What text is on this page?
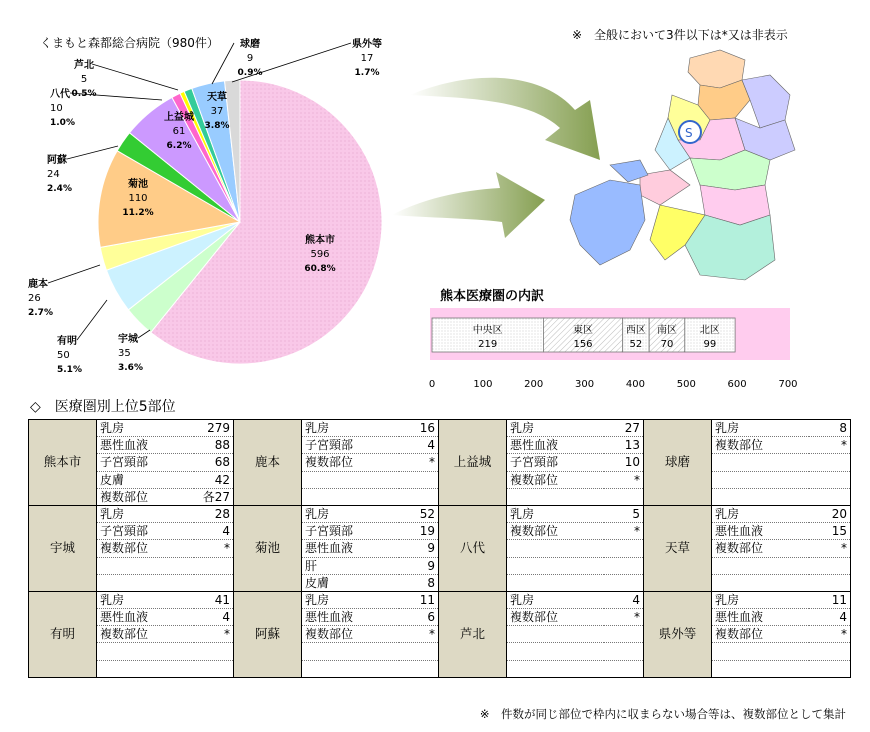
くまもと森都総合病院（980件）
熊本市
596
60.8%
宇城
35
3.6%
有明
50
5.1%
鹿本
26
2.7%
菊池
110
11.2%
阿蘇
24
2.4%
上益城
61
6.2%
八代
10
1.0%
芦北
5
0.5%
球磨
9
0.9%
天草
37
3.8%
県外等
17
1.7%
※　全般において3件以下は*又は非表示
S
熊本医療圏の内訳
中央区
219
東区
156
西区
52
南区
70
北区
99
0	100	200	300	400	500	600	700
◇　医療圏別上位5部位
熊本市	乳房	279	鹿本	乳房	16	上益城	乳房	27	球磨	乳房	8
	悪性血液	88		子宮頸部	4		悪性血液	13		複数部位	*
	子宮頸部	68		複数部位	*		子宮頸部	10			
	皮膚	42					複数部位	*			
	複数部位	各27									
宇城	乳房	28	菊池	乳房	52	八代	乳房	5	天草	乳房	20
	子宮頸部	4		子宮頸部	19		複数部位	*		悪性血液	15
	複数部位	*		悪性血液	9					複数部位	*
				肝	9						
				皮膚	8						
有明	乳房	41	阿蘇	乳房	11	芦北	乳房	4	県外等	乳房	11
	悪性血液	4		悪性血液	6		複数部位	*		悪性血液	4
	複数部位	*		複数部位	*					複数部位	*

※　件数が同じ部位で枠内に収まらない場合等は、複数部位として集計
